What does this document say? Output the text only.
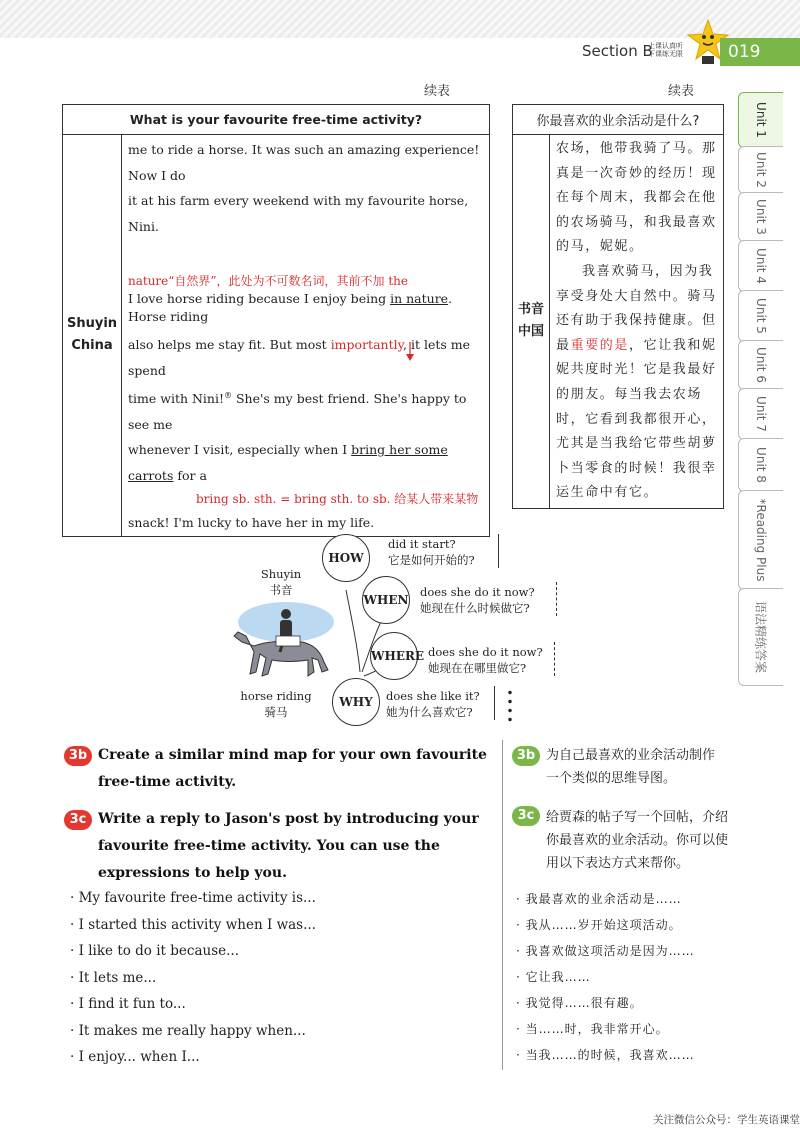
Section B
上课认真听
下课练无限	019
续表	续表
What is your favourite free-time activity?

Shuyin
China

me to ride a horse. It was such an amazing experience! Now I do
it at his farm every weekend with my favourite horse, Nini.
nature“自然界”，此处为不可数名词，其前不加 the
I love horse riding because I enjoy being in nature. Horse riding
also helps me stay fit. But most importantly, it lets me spend
time with Nini!® She's my best friend. She's happy to see me
whenever I visit, especially when I bring her some carrots for a
bring sb. sth. = bring sth. to sb. 给某人带来某物
snack! I'm lucky to have her in my life.
你最喜欢的业余活动是什么?

书音
中国

农场，他带我骑了马。那真是一次奇妙的经历！现在每个周末，我都会在他的农场骑马，和我最喜欢的马，妮妮。
我喜欢骑马，因为我享受身处大自然中。骑马还有助于我保持健康。但最重要的是，它让我和妮妮共度时光！它是我最好的朋友。每当我去农场时，它看到我都很开心，尤其是当我给它带些胡萝卜当零食的时候！我很幸运生命中有它。
Unit 1
Unit 2
Unit 3
Unit 4
Unit 5
Unit 6
Unit 7
Unit 8
*Reading Plus
语法精练答案
Shuyin
书音
horse riding
骑马
HOW
did it start?
它是如何开始的?
WHEN
does she do it now?
她现在什么时候做它?
WHERE does she do it now?
她现在在哪里做它?
WHY	does she like it?
她为什么喜欢它?
3b Create a similar mind map for your own favourite free-time activity.
3b 为自己最喜欢的业余活动制作一个类似的思维导图。
3c Write a reply to Jason's post by introducing your favourite free-time activity. You can use the expressions to help you.
3c 给贾森的帖子写一个回帖，介绍你最喜欢的业余活动。你可以使用以下表达方式来帮你。
· My favourite free-time activity is...
· I started this activity when I was...
· I like to do it because...
· It lets me...
· I find it fun to...
· It makes me really happy when...
· I enjoy... when I...
· 我最喜欢的业余活动是……
· 我从……岁开始这项活动。
· 我喜欢做这项活动是因为……
· 它让我……
· 我觉得……很有趣。
· 当……时，我非常开心。
· 当我……的时候，我喜欢……
关注微信公众号：学生英语课堂
